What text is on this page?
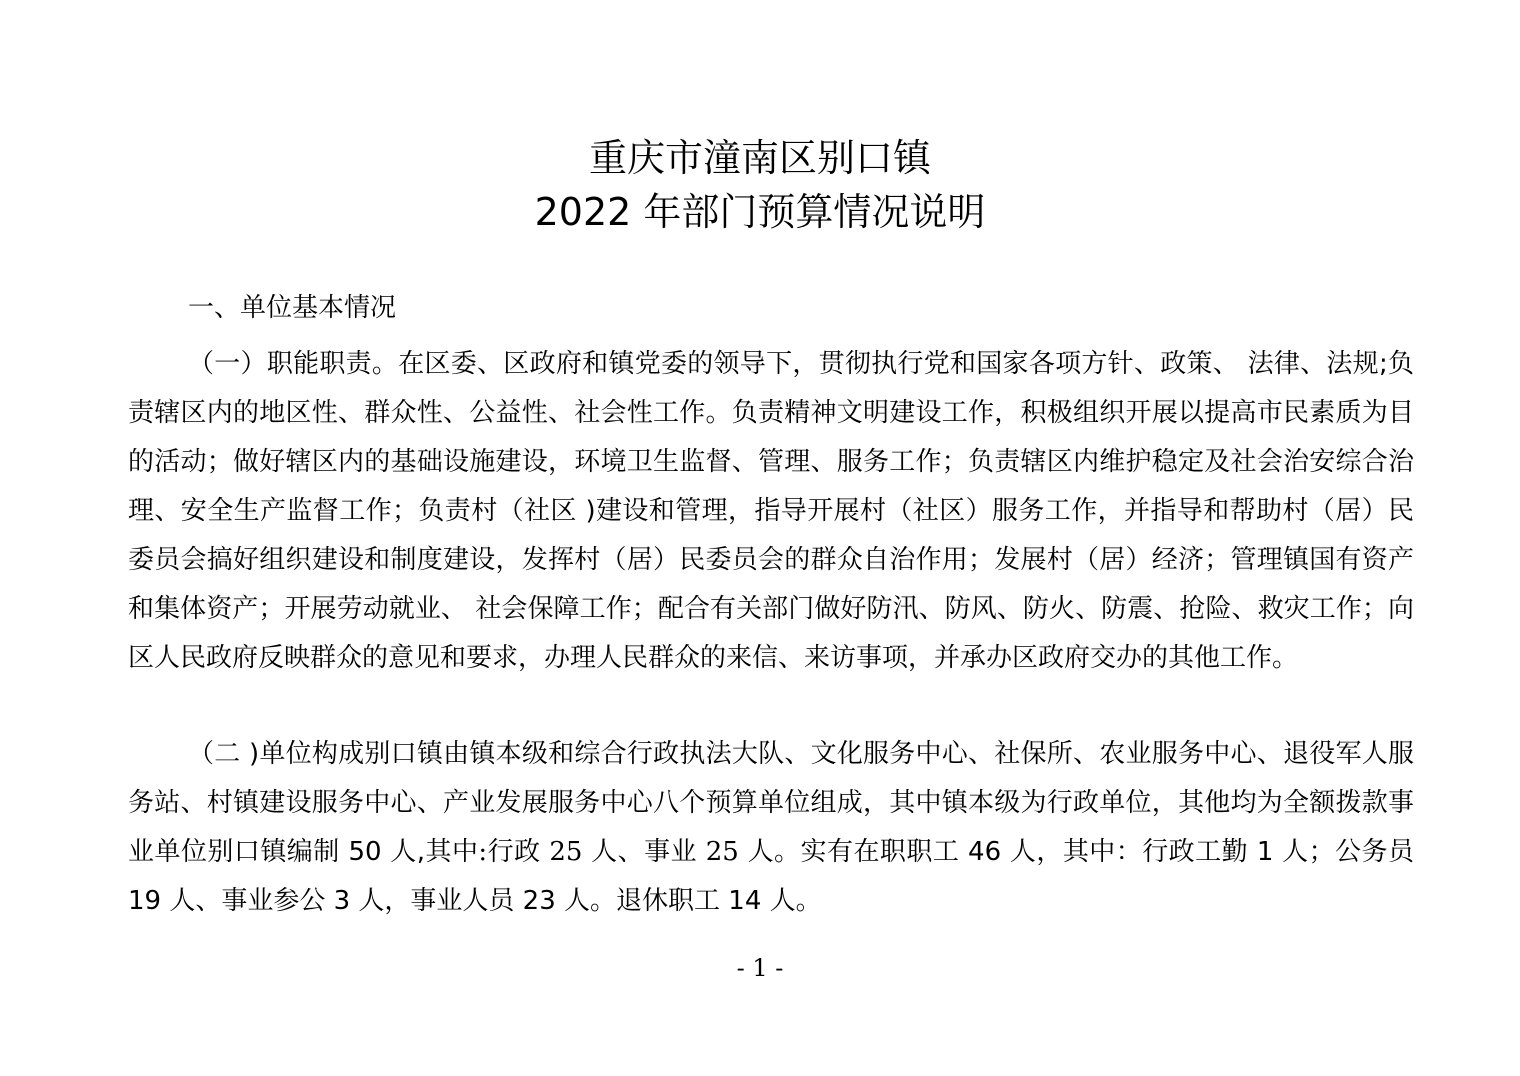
重庆市潼南区别口镇
2022 年部门预算情况说明
一、单位基本情况

（一）职能职责。在区委、区政府和镇党委的领导下，贯彻执行党和国家各项方针、政策、 法律、法规;负责辖区内的地区性、群众性、公益性、社会性工作。负责精神文明建设工作，积极组织开展以提高市民素质为目的活动；做好辖区内的基础设施建设，环境卫生监督、管理、服务工作；负责辖区内维护稳定及社会治安综合治理、安全生产监督工作；负责村（社区 )建设和管理，指导开展村（社区）服务工作，并指导和帮助村（居）民委员会搞好组织建设和制度建设，发挥村（居）民委员会的群众自治作用；发展村（居）经济；管理镇国有资产和集体资产；开展劳动就业、 社会保障工作；配合有关部门做好防汛、防风、防火、防震、抢险、救灾工作；向区人民政府反映群众的意见和要求，办理人民群众的来信、来访事项，并承办区政府交办的其他工作。

（二 )单位构成别口镇由镇本级和综合行政执法大队、文化服务中心、社保所、农业服务中心、退役军人服务站、村镇建设服务中心、产业发展服务中心八个预算单位组成，其中镇本级为行政单位，其他均为全额拨款事业单位别口镇编制 50 人,其中:行政 25 人、事业 25 人。实有在职职工 46 人，其中：行政工勤 1 人；公务员 19 人、事业参公 3 人，事业人员 23 人。退休职工 14 人。

- 1 -
